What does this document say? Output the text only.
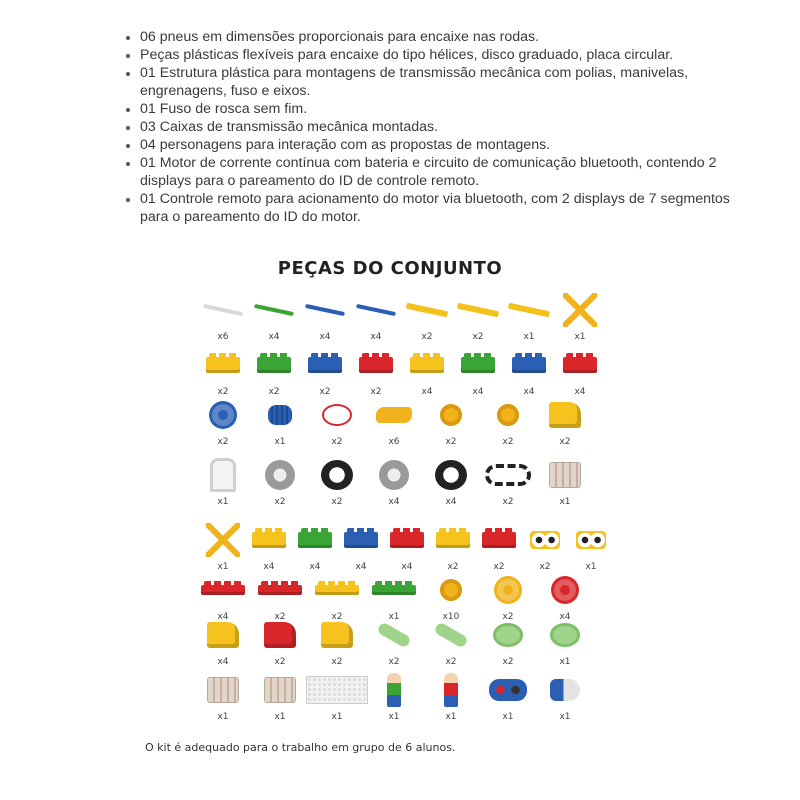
• 06 pneus em dimensões proporcionais para encaixe nas rodas.
• Peças plásticas flexíveis para encaixe do tipo hélices, disco graduado, placa circular.
• 01 Estrutura plástica para montagens de transmissão mecânica com polias, manivelas, engrenagens, fuso e eixos.
• 01 Fuso de rosca sem fim.
• 03 Caixas de transmissão mecânica montadas.
• 04 personagens para interação com as propostas de montagens.
• 01 Motor de corrente contínua com bateria e circuito de comunicação bluetooth, contendo 2 displays para o pareamento do ID de controle remoto.
• 01 Controle remoto para acionamento do motor via bluetooth, com 2 displays de 7 segmentos para o pareamento do ID do motor.
PEÇAS DO CONJUNTO
x6	x4	x4	x4	x2	x2	x1	x1
x2	x2	x2	x2	x4	x4	x4	x4
x2	x1	x2	x6	x2	x2	x2
x1	x2	x2	x4	x4	x2	x1
x1	x4	x4	x4	x4	x2	x2	x2	x1
x4	x2	x2	x1	x10	x2	x4
x4	x2	x2	x2	x2	x2	x1
x1	x1	x1	x1	x1	x1	x1
O kit é adequado para o trabalho em grupo de 6 alunos.
